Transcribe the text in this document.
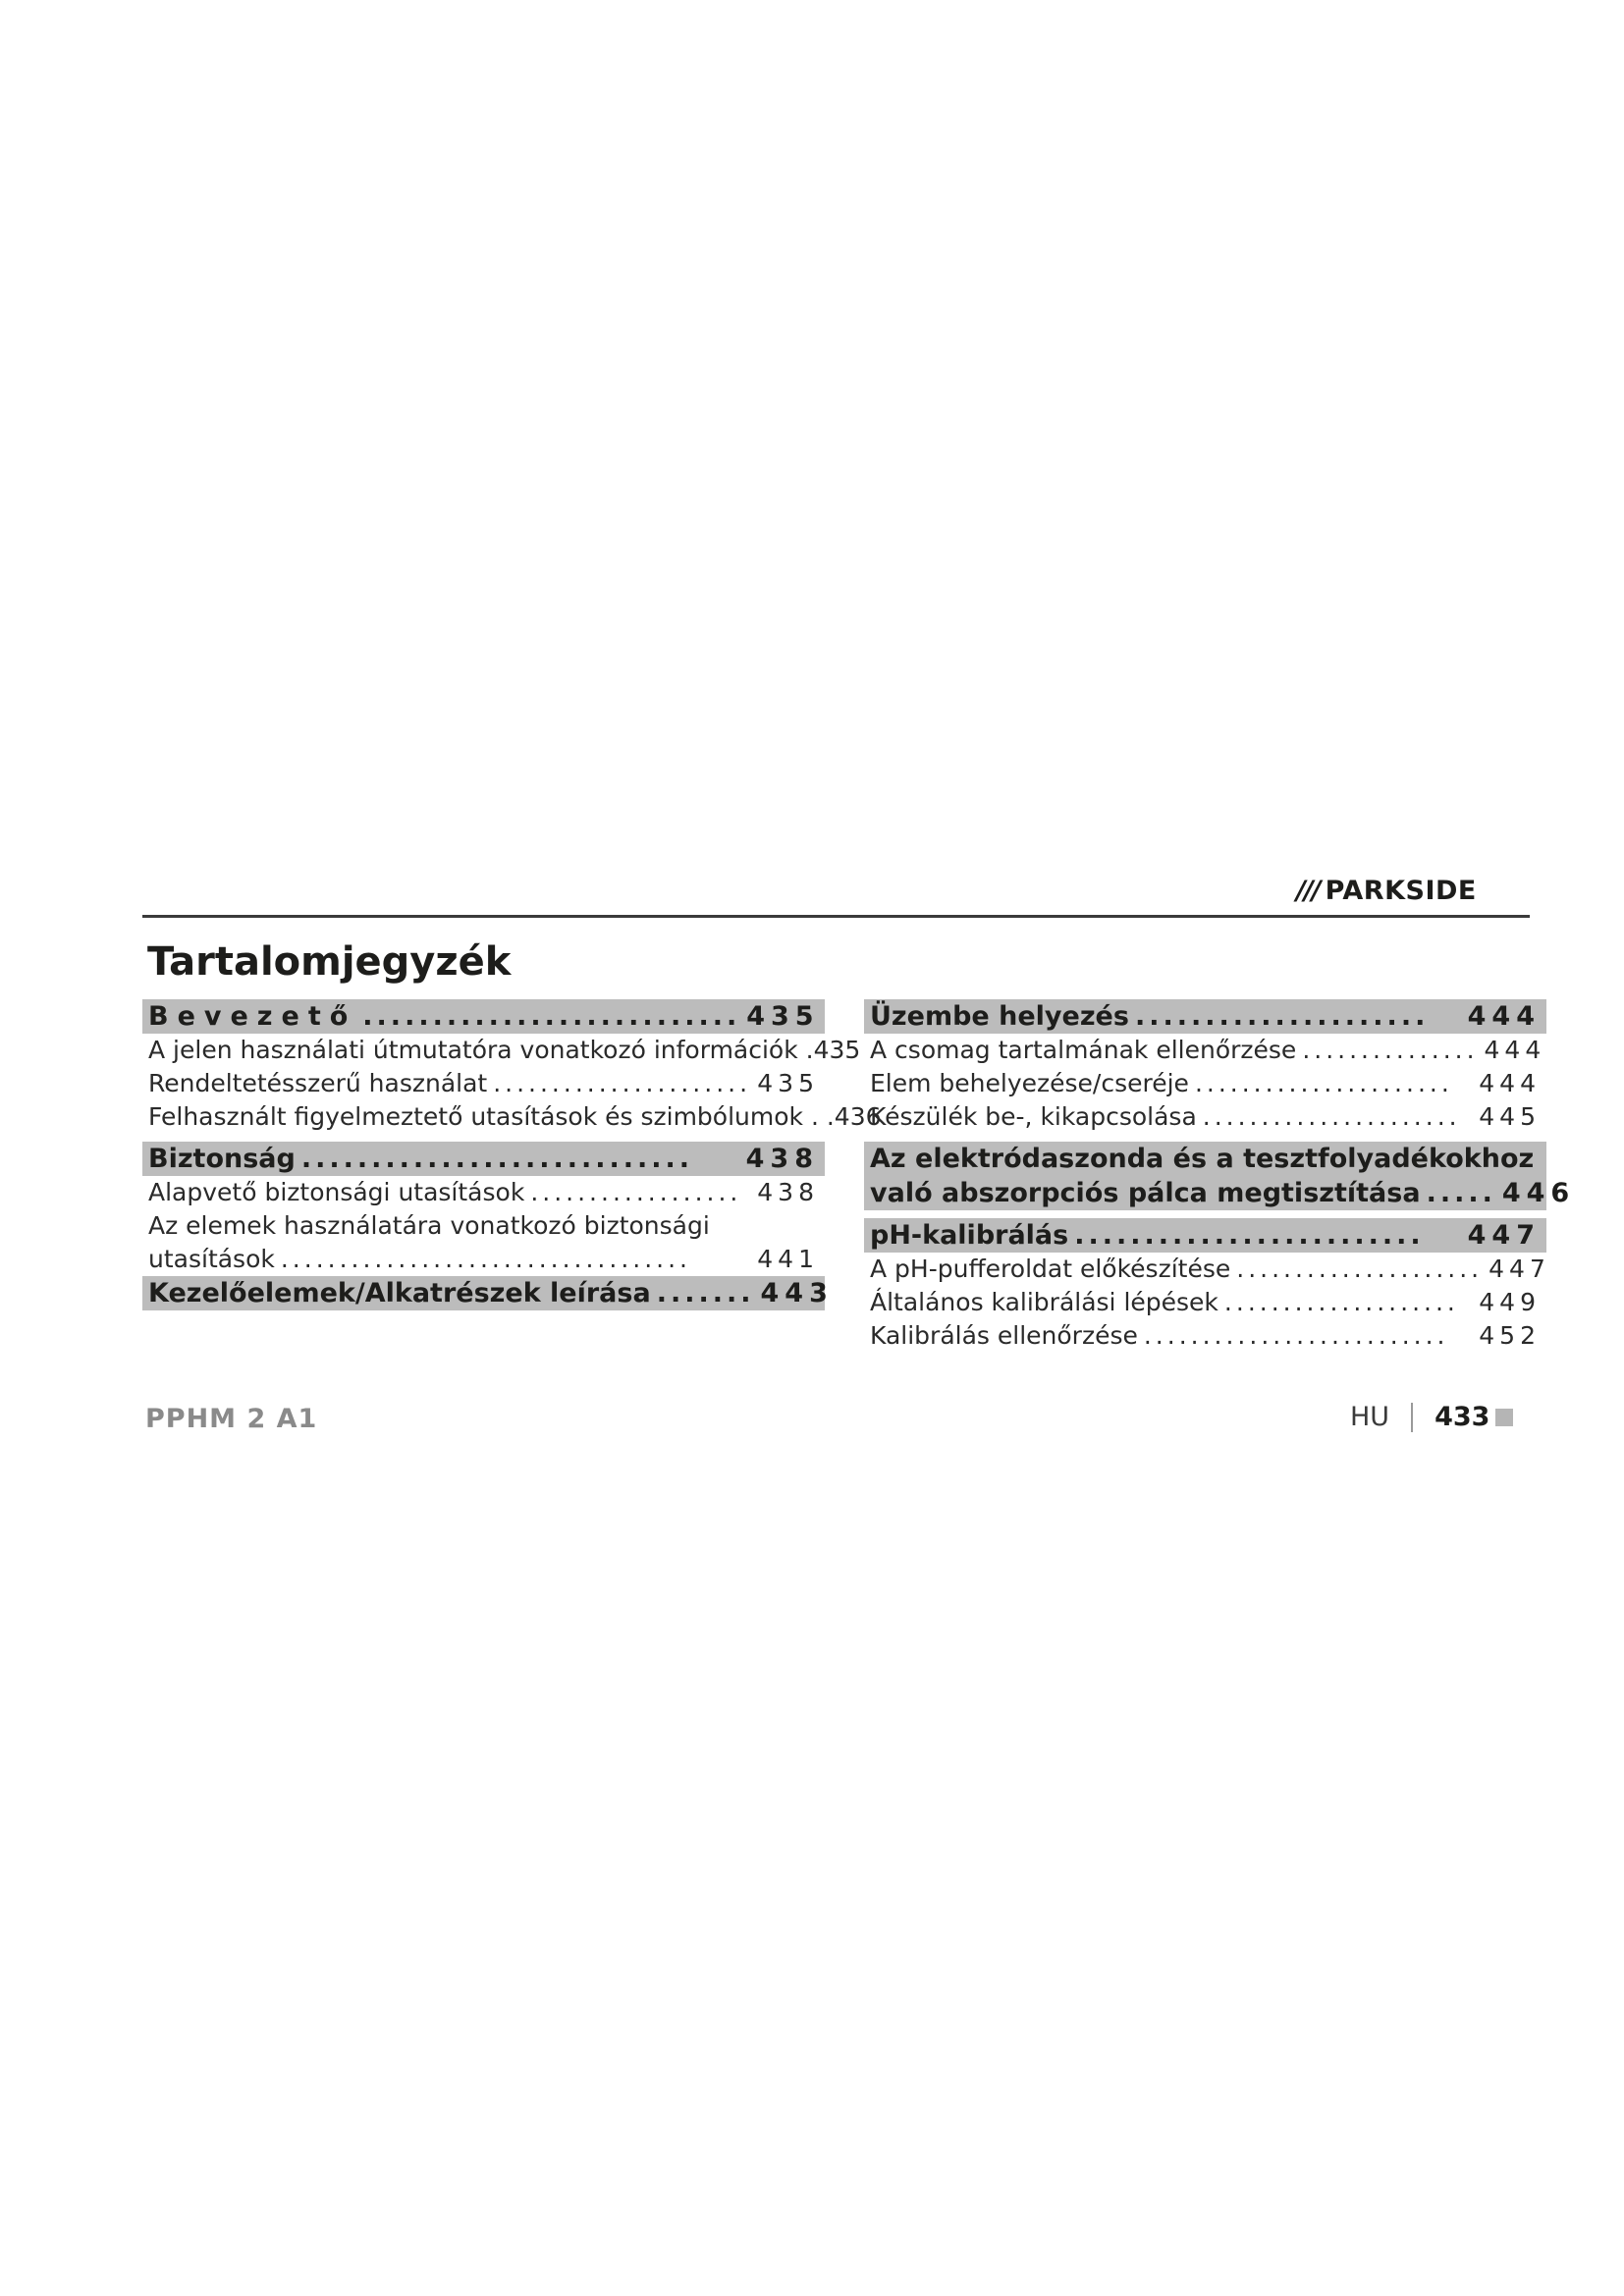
/// PARKSIDE
Tartalomjegyzék
Bevezető ........................... 435
A jelen használati útmutatóra vonatkozó információk .435
Rendeltetésszerű használat ...................... 435
Felhasznált figyelmeztető utasítások és szimbólumok . .436
Biztonság ............................	438
Alapvető biztonsági utasítások .................. 438
Az elemek használatára vonatkozó biztonsági
utasítások ...................................	441
Kezelőelemek/Alkatrészek leírása ....... 443
Üzembe helyezés .....................	444
A csomag tartalmának ellenőrzése ............... 444
Elem behelyezése/cseréje ......................	444
Készülék be-, kikapcsolása ...................... 445
Az elektródaszonda és a tesztfolyadékokhoz
való abszorpciós pálca megtisztítása ..... 446
pH-kalibrálás .........................	447
A pH-pufferoldat előkészítése ..................... 447
Általános kalibrálási lépések .................... 449
Kalibrálás ellenőrzése ..........................	452
PPHM 2 A1	HU 433
